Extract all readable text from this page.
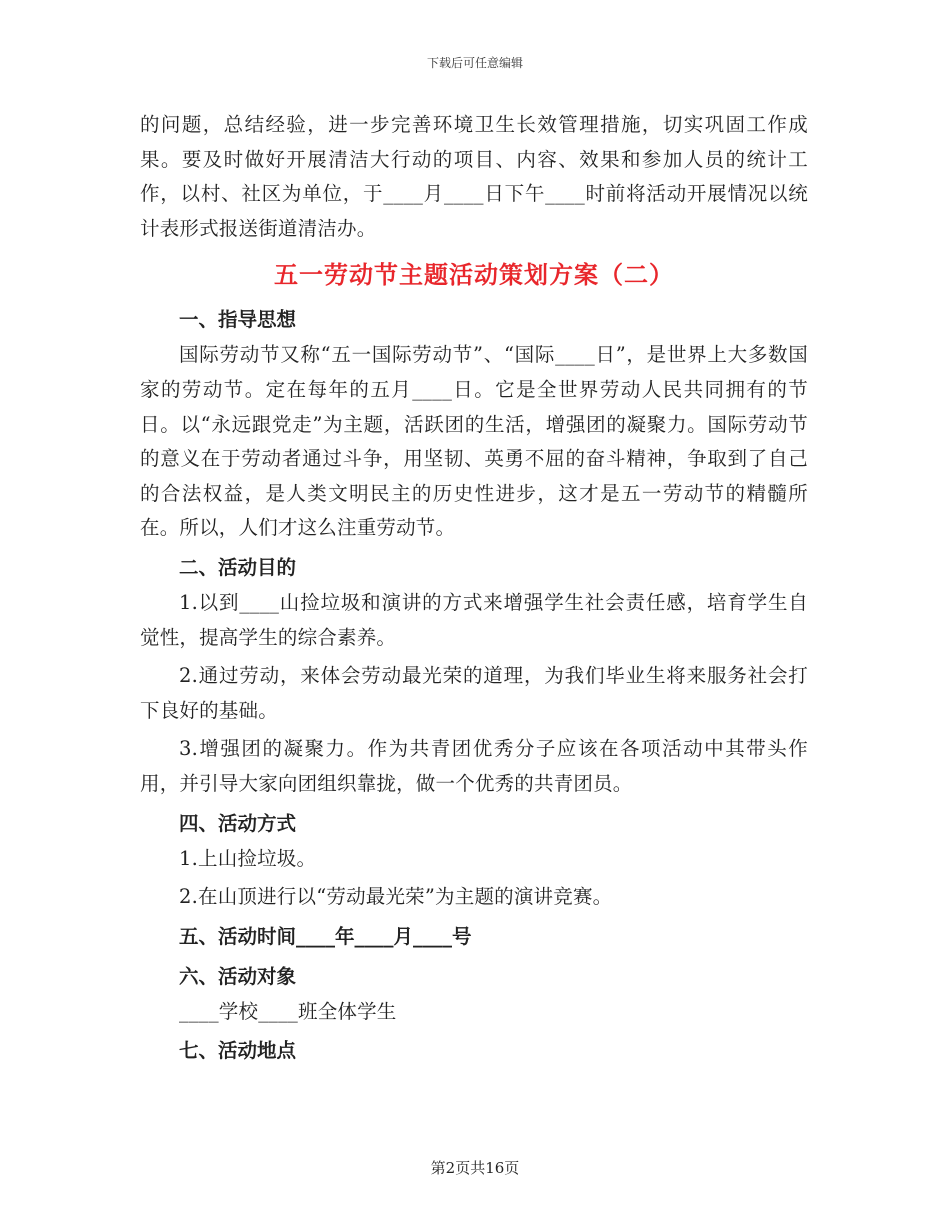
下载后可任意编辑

的问题，总结经验，进一步完善环境卫生长效管理措施，切实巩固工作成果。要及时做好开展清洁大行动的项目、内容、效果和参加人员的统计工作，以村、社区为单位，于____月____日下午____时前将活动开展情况以统计表形式报送街道清洁办。

五一劳动节主题活动策划方案（二）
一、指导思想

国际劳动节又称“五一国际劳动节”、“国际____日”，是世界上大多数国家的劳动节。定在每年的五月____日。它是全世界劳动人民共同拥有的节日。以“永远跟党走”为主题，活跃团的生活，增强团的凝聚力。国际劳动节的意义在于劳动者通过斗争，用坚韧、英勇不屈的奋斗精神，争取到了自己的合法权益，是人类文明民主的历史性进步，这才是五一劳动节的精髓所在。所以，人们才这么注重劳动节。

二、活动目的

1.以到____山捡垃圾和演讲的方式来增强学生社会责任感，培育学生自觉性，提高学生的综合素养。

2.通过劳动，来体会劳动最光荣的道理，为我们毕业生将来服务社会打下良好的基础。

3.增强团的凝聚力。作为共青团优秀分子应该在各项活动中其带头作用，并引导大家向团组织靠拢，做一个优秀的共青团员。

四、活动方式

1.上山捡垃圾。

2.在山顶进行以“劳动最光荣”为主题的演讲竞赛。

五、活动时间____年____月____号
六、活动对象

____学校____班全体学生

七、活动地点
第2页共16页
